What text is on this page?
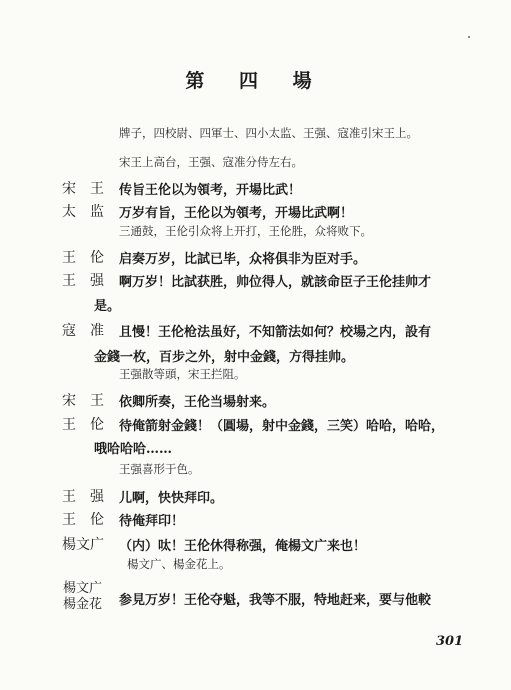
第 四 場
牌子，四校尉、四軍士、四小太监、王强、寇准引宋王上。
宋王上高台，王强、寇准分侍左右。
宋　王 传旨王伦以为領考，开場比武！
太　监 万岁有旨，王伦以为領考，开場比武啊！
三通鼓，王伦引众将上开打，王伦胜，众将败下。
王　伦 启奏万岁，比試已毕，众将俱非为臣对手。
王　强 啊万岁！比試获胜，帅位得人，就該命臣子王伦挂帅才
是。
寇　准 且慢！王伦枪法虽好，不知箭法如何？校場之内，設有
金錢一枚，百步之外，射中金錢，方得挂帅。
王强散等頭，宋王拦阻。
宋　王 依卿所奏，王伦当場射来。
王　伦 待俺箭射金錢！（圓場，射中金錢，三笑）哈哈，哈哈，
哦哈哈哈……
王强喜形于色。
王　强 儿啊，快快拜印。
王　伦 待俺拜印！
楊文广 （内）呔！王伦休得称强，俺楊文广来也！
楊文广、楊金花上。
楊文广
楊金花 参見万岁！王伦夺魁，我等不服，特地赶来，要与他較
301
